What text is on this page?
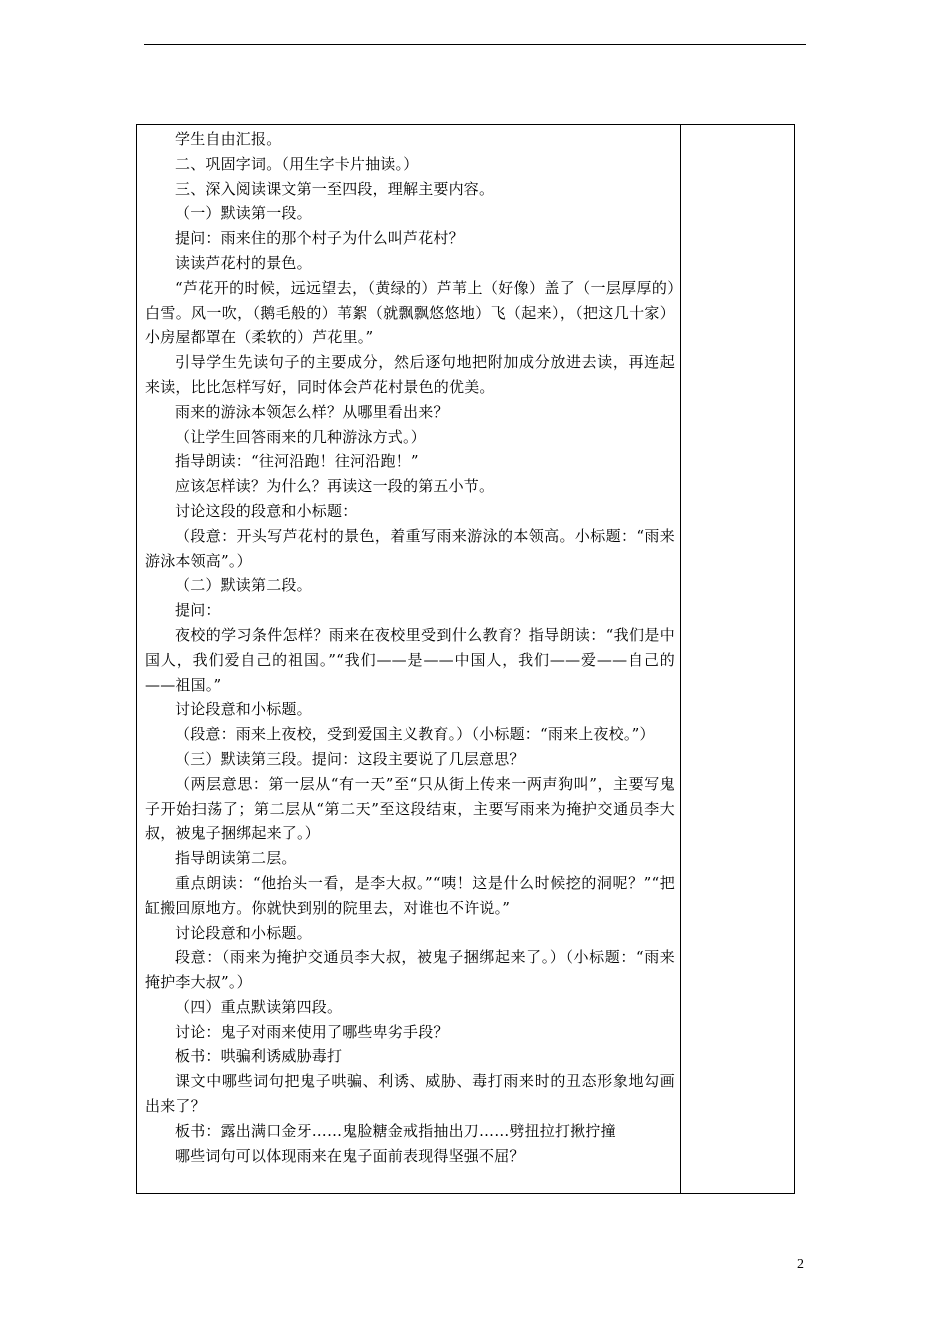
学生自由汇报。

二、巩固字词。（用生字卡片抽读。）

三、深入阅读课文第一至四段，理解主要内容。

（一）默读第一段。

提问：雨来住的那个村子为什么叫芦花村？

读读芦花村的景色。

“芦花开的时候，远远望去，（黄绿的）芦苇上（好像）盖了（一层厚厚的）白雪。风一吹，（鹅毛般的）苇絮（就飘飘悠悠地）飞（起来），（把这几十家）小房屋都罩在（柔软的）芦花里。”

引导学生先读句子的主要成分，然后逐句地把附加成分放进去读，再连起来读，比比怎样写好，同时体会芦花村景色的优美。

雨来的游泳本领怎么样？从哪里看出来？

（让学生回答雨来的几种游泳方式。）

指导朗读：“往河沿跑！往河沿跑！”

应该怎样读？为什么？再读这一段的第五小节。

讨论这段的段意和小标题：

（段意：开头写芦花村的景色，着重写雨来游泳的本领高。小标题：“雨来游泳本领高”。）

（二）默读第二段。

提问：

夜校的学习条件怎样？雨来在夜校里受到什么教育？指导朗读：“我们是中国人，我们爱自己的祖国。”“我们——是——中国人，我们——爱——自己的——祖国。”

讨论段意和小标题。

（段意：雨来上夜校，受到爱国主义教育。）（小标题：“雨来上夜校。”）

（三）默读第三段。提问：这段主要说了几层意思？

（两层意思：第一层从“有一天”至“只从街上传来一两声狗叫”，主要写鬼子开始扫荡了；第二层从“第二天”至这段结束，主要写雨来为掩护交通员李大叔，被鬼子捆绑起来了。）

指导朗读第二层。

重点朗读：“他抬头一看，是李大叔。”“咦！这是什么时候挖的洞呢？”“把缸搬回原地方。你就快到别的院里去，对谁也不许说。”

讨论段意和小标题。

段意：（雨来为掩护交通员李大叔，被鬼子捆绑起来了。）（小标题：“雨来掩护李大叔”。）

（四）重点默读第四段。

讨论：鬼子对雨来使用了哪些卑劣手段？

板书：哄骗利诱威胁毒打

课文中哪些词句把鬼子哄骗、利诱、威胁、毒打雨来时的丑态形象地勾画出来了？

板书：露出满口金牙……鬼脸糖金戒指抽出刀……劈扭拉打揪拧撞

哪些词句可以体现雨来在鬼子面前表现得坚强不屈？

2
